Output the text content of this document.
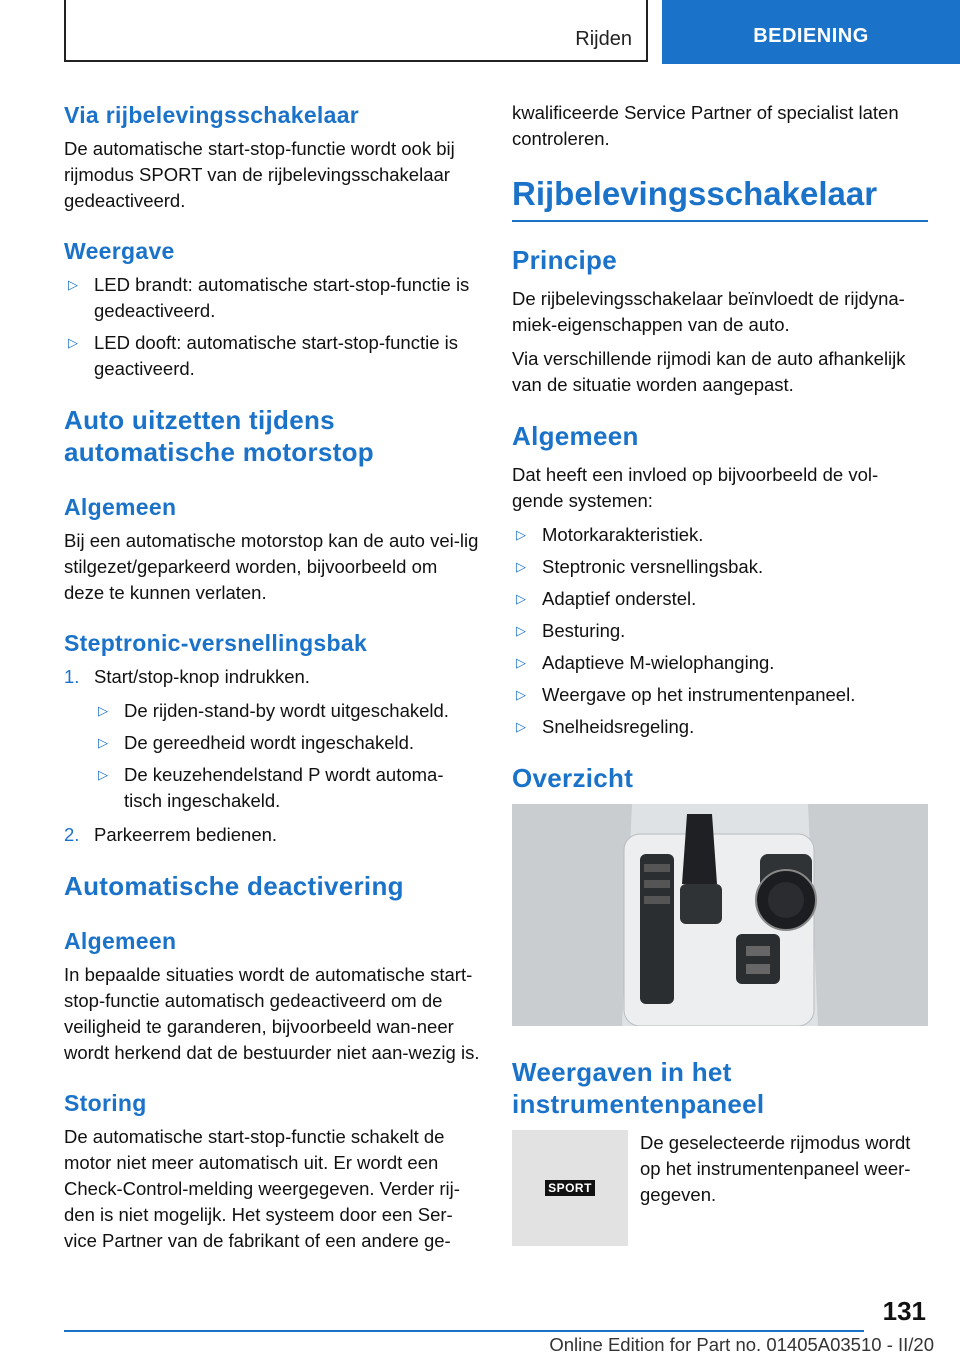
Rijden	BEDIENING
Via rijbelevingsschakelaar

De automatische start-stop-functie wordt ook bij rijmodus SPORT van de rijbelevingsschakelaar gedeactiveerd.

Weergave
▷ LED brandt: automatische start-stop-functie is gedeactiveerd.
▷ LED dooft: automatische start-stop-functie is geactiveerd.
Auto uitzetten tijdens automatische motorstop
Algemeen

Bij een automatische motorstop kan de auto vei-lig stilgezet/geparkeerd worden, bijvoorbeeld om deze te kunnen verlaten.

Steptronic-versnellingsbak
1. Start/stop-knop indrukken.
▷ De rijden-stand-by wordt uitgeschakeld.
▷ De gereedheid wordt ingeschakeld.
▷ De keuzehendelstand P wordt automa-tisch ingeschakeld.
2. Parkeerrem bedienen.
Automatische deactivering
Algemeen

In bepaalde situaties wordt de automatische start-stop-functie automatisch gedeactiveerd om de veiligheid te garanderen, bijvoorbeeld wan-neer wordt herkend dat de bestuurder niet aan-wezig is.

Storing

De automatische start-stop-functie schakelt de motor niet meer automatisch uit. Er wordt een Check-Control-melding weergegeven. Verder rij-den is niet mogelijk. Het systeem door een Ser-vice Partner van de fabrikant of een andere ge-

kwalificeerde Service Partner of specialist laten controleren.

Rijbelevingsschakelaar
Principe

De rijbelevingsschakelaar beïnvloedt de rijdyna-miek-eigenschappen van de auto.

Via verschillende rijmodi kan de auto afhankelijk van de situatie worden aangepast.

Algemeen

Dat heeft een invloed op bijvoorbeeld de vol-gende systemen:

▷ Motorkarakteristiek.
▷ Steptronic versnellingsbak.
▷ Adaptief onderstel.
▷ Besturing.
▷ Adaptieve M-wielophanging.
▷ Weergave op het instrumentenpaneel.
▷ Snelheidsregeling.
Overzicht
Weergaven in het instrumentenpaneel
SPORT

De geselecteerde rijmodus wordt op het instrumentenpaneel weer-gegeven.

131
Online Edition for Part no. 01405A03510 - II/20
